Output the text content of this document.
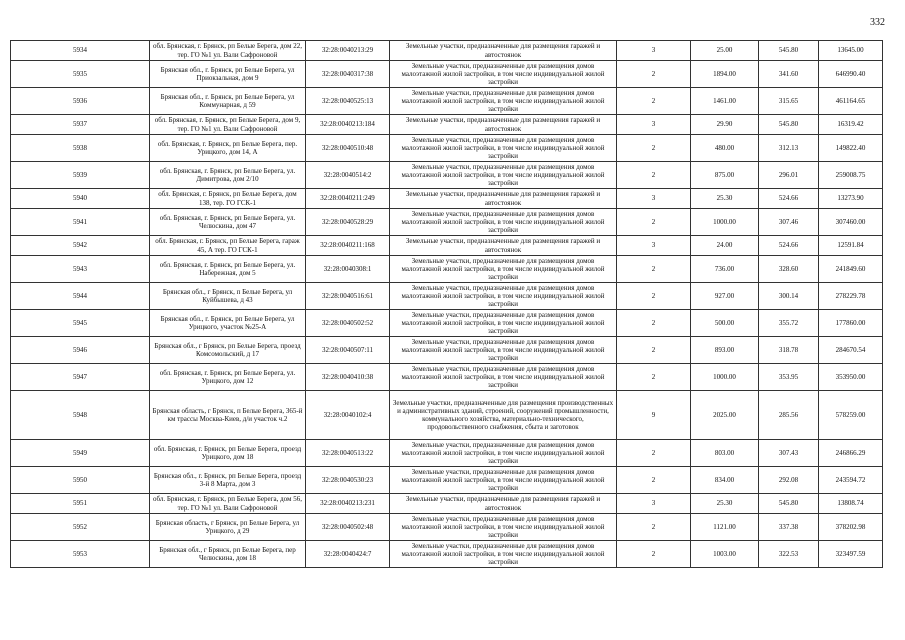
332
5934	обл. Брянская, г. Брянск, рп Белые Берега, дом 22, тер. ГО №1 ул. Вали Сафроновой	32:28:0040213:29	Земельные участки, предназначенные для размещения гаражей и автостоянок	3	25.00	545.80	13645.00
5935	Брянская обл., г. Брянск, рп Белые Берега, ул Приокзальная, дом 9	32:28:0040317:38	Земельные участки, предназначенные для размещения домов малоэтажной жилой застройки, в том числе индивидуальной жилой застройки	2	1894.00	341.60	646990.40
5936	Брянская обл., г. Брянск, рп Белые Берега, ул Коммунарная, д 59	32:28:0040525:13	Земельные участки, предназначенные для размещения домов малоэтажной жилой застройки, в том числе индивидуальной жилой застройки	2	1461.00	315.65	461164.65
5937	обл. Брянская, г. Брянск, рп Белые Берега, дом 9, тер. ГО №1 ул. Вали Сафроновой	32:28:0040213:184	Земельные участки, предназначенные для размещения гаражей и автостоянок	3	29.90	545.80	16319.42
5938	обл. Брянская, г. Брянск, рп Белые Берега, пер. Урицкого, дом 14, А	32:28:0040510:48	Земельные участки, предназначенные для размещения домов малоэтажной жилой застройки, в том числе индивидуальной жилой застройки	2	480.00	312.13	149822.40
5939	обл. Брянская, г. Брянск, рп Белые Берега, ул. Димитрова, дом 2/10	32:28:0040514:2	Земельные участки, предназначенные для размещения домов малоэтажной жилой застройки, в том числе индивидуальной жилой застройки	2	875.00	296.01	259008.75
5940	обл. Брянская, г. Брянск, рп Белые Берега, дом 138, тер. ГО ГСК-1	32:28:0040211:249	Земельные участки, предназначенные для размещения гаражей и автостоянок	3	25.30	524.66	13273.90
5941	обл. Брянская, г. Брянск, рп Белые Берега, ул. Челюскина, дом 47	32:28:0040528:29	Земельные участки, предназначенные для размещения домов малоэтажной жилой застройки, в том числе индивидуальной жилой застройки	2	1000.00	307.46	307460.00
5942	обл. Брянская, г. Брянск, рп Белые Берега, гараж 45, А тер. ГО ГСК-1	32:28:0040211:168	Земельные участки, предназначенные для размещения гаражей и автостоянок	3	24.00	524.66	12591.84
5943	обл. Брянская, г. Брянск, рп Белые Берега, ул. Набережная, дом 5	32:28:0040308:1	Земельные участки, предназначенные для размещения домов малоэтажной жилой застройки, в том числе индивидуальной жилой застройки	2	736.00	328.60	241849.60
5944	Брянская обл., г Брянск, п Белые Берега, ул Куйбышева, д 43	32:28:0040516:61	Земельные участки, предназначенные для размещения домов малоэтажной жилой застройки, в том числе индивидуальной жилой застройки	2	927.00	300.14	278229.78
5945	Брянская обл., г. Брянск, рп Белые Берега, ул Урицкого, участок №25-А	32:28:0040502:52	Земельные участки, предназначенные для размещения домов малоэтажной жилой застройки, в том числе индивидуальной жилой застройки	2	500.00	355.72	177860.00
5946	Брянская обл., г Брянск, рп Белые Берега, проезд Комсомольский, д 17	32:28:0040507:11	Земельные участки, предназначенные для размещения домов малоэтажной жилой застройки, в том числе индивидуальной жилой застройки	2	893.00	318.78	284670.54
5947	обл. Брянская, г. Брянск, рп Белые Берега, ул. Урицкого, дом 12	32:28:0040410:38	Земельные участки, предназначенные для размещения домов малоэтажной жилой застройки, в том числе индивидуальной жилой застройки	2	1000.00	353.95	353950.00
5948	Брянская область, г Брянск, п Белые Берега, 365-й км трассы Москва-Киев, д/и участок ч.2	32:28:0040102:4	Земельные участки, предназначенные для размещения производственных и административных зданий, строений, сооружений промышленности, коммунального хозяйства, материально-технического, продовольственного снабжения, сбыта и заготовок	9	2025.00	285.56	578259.00
5949	обл. Брянская, г. Брянск, рп Белые Берега, проезд Урицкого, дом 18	32:28:0040513:22	Земельные участки, предназначенные для размещения домов малоэтажной жилой застройки, в том числе индивидуальной жилой застройки	2	803.00	307.43	246866.29
5950	Брянская обл., г. Брянск, рп Белые Берега, проезд 3-й 8 Марта, дом 3	32:28:0040530:23	Земельные участки, предназначенные для размещения домов малоэтажной жилой застройки, в том числе индивидуальной жилой застройки	2	834.00	292.08	243594.72
5951	обл. Брянская, г. Брянск, рп Белые Берега, дом 56, тер. ГО №1 ул. Вали Сафроновой	32:28:0040213:231	Земельные участки, предназначенные для размещения гаражей и автостоянок	3	25.30	545.80	13808.74
5952	Брянская область, г Брянск, рп Белые Берега, ул Урицкого, д 29	32:28:0040502:48	Земельные участки, предназначенные для размещения домов малоэтажной жилой застройки, в том числе индивидуальной жилой застройки	2	1121.00	337.38	378202.98
5953	Брянская обл., г Брянск, рп Белые Берега, пер Челюскина, дом 18	32:28:0040424:7	Земельные участки, предназначенные для размещения домов малоэтажной жилой застройки, в том числе индивидуальной жилой застройки	2	1003.00	322.53	323497.59
